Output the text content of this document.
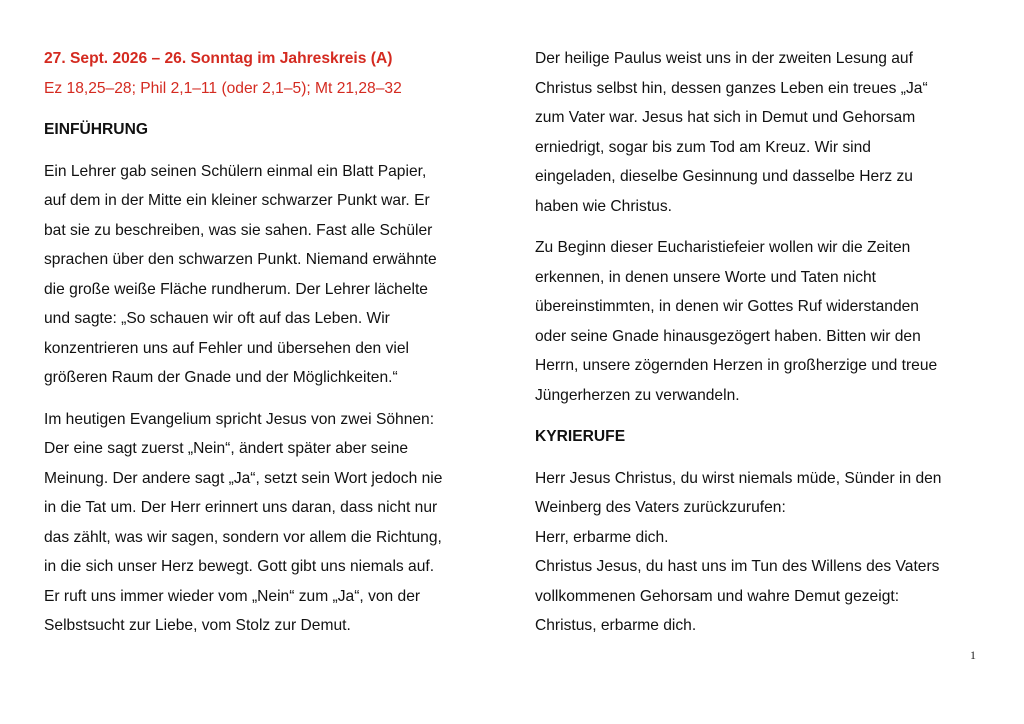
27. Sept. 2026 – 26. Sonntag im Jahreskreis (A)
Ez 18,25–28; Phil 2,1–11 (oder 2,1–5); Mt 21,28–32
EINFÜHRUNG

Ein Lehrer gab seinen Schülern einmal ein Blatt Papier,
auf dem in der Mitte ein kleiner schwarzer Punkt war. Er
bat sie zu beschreiben, was sie sahen. Fast alle Schüler
sprachen über den schwarzen Punkt. Niemand erwähnte
die große weiße Fläche rundherum. Der Lehrer lächelte
und sagte: „So schauen wir oft auf das Leben. Wir
konzentrieren uns auf Fehler und übersehen den viel
größeren Raum der Gnade und der Möglichkeiten.“

Im heutigen Evangelium spricht Jesus von zwei Söhnen:
Der eine sagt zuerst „Nein“, ändert später aber seine
Meinung. Der andere sagt „Ja“, setzt sein Wort jedoch nie
in die Tat um. Der Herr erinnert uns daran, dass nicht nur
das zählt, was wir sagen, sondern vor allem die Richtung,
in die sich unser Herz bewegt. Gott gibt uns niemals auf.
Er ruft uns immer wieder vom „Nein“ zum „Ja“, von der
Selbstsucht zur Liebe, vom Stolz zur Demut.

Der heilige Paulus weist uns in der zweiten Lesung auf
Christus selbst hin, dessen ganzes Leben ein treues „Ja“
zum Vater war. Jesus hat sich in Demut und Gehorsam
erniedrigt, sogar bis zum Tod am Kreuz. Wir sind
eingeladen, dieselbe Gesinnung und dasselbe Herz zu
haben wie Christus.

Zu Beginn dieser Eucharistiefeier wollen wir die Zeiten
erkennen, in denen unsere Worte und Taten nicht
übereinstimmten, in denen wir Gottes Ruf widerstanden
oder seine Gnade hinausgezögert haben. Bitten wir den
Herrn, unsere zögernden Herzen in großherzige und treue
Jüngerherzen zu verwandeln.

KYRIERUFE

Herr Jesus Christus, du wirst niemals müde, Sünder in den
Weinberg des Vaters zurückzurufen:
Herr, erbarme dich.
Christus Jesus, du hast uns im Tun des Willens des Vaters
vollkommenen Gehorsam und wahre Demut gezeigt:
Christus, erbarme dich.

1
